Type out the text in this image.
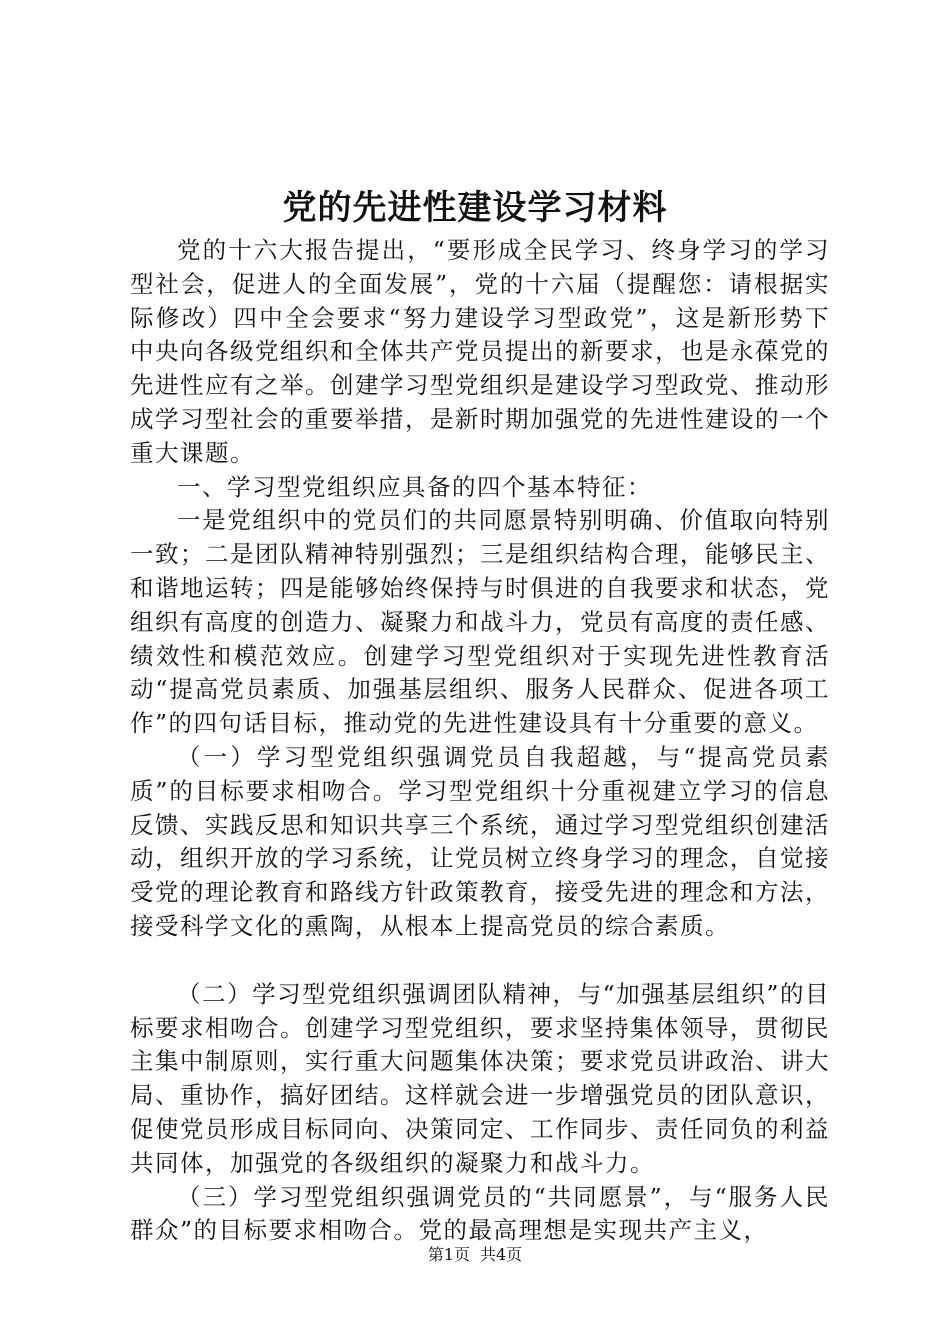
党的先进性建设学习材料

党的十六大报告提出，“要形成全民学习、终身学习的学习型社会，促进人的全面发展”，党的十六届（提醒您：请根据实际修改）四中全会要求“努力建设学习型政党”，这是新形势下中央向各级党组织和全体共产党员提出的新要求，也是永葆党的先进性应有之举。创建学习型党组织是建设学习型政党、推动形成学习型社会的重要举措，是新时期加强党的先进性建设的一个重大课题。

一、学习型党组织应具备的四个基本特征：

一是党组织中的党员们的共同愿景特别明确、价值取向特别一致；二是团队精神特别强烈；三是组织结构合理，能够民主、和谐地运转；四是能够始终保持与时俱进的自我要求和状态，党组织有高度的创造力、凝聚力和战斗力，党员有高度的责任感、绩效性和模范效应。创建学习型党组织对于实现先进性教育活动“提高党员素质、加强基层组织、服务人民群众、促进各项工作”的四句话目标，推动党的先进性建设具有十分重要的意义。

（一）学习型党组织强调党员自我超越，与“提高党员素质”的目标要求相吻合。学习型党组织十分重视建立学习的信息反馈、实践反思和知识共享三个系统，通过学习型党组织创建活动，组织开放的学习系统，让党员树立终身学习的理念，自觉接受党的理论教育和路线方针政策教育，接受先进的理念和方法，接受科学文化的熏陶，从根本上提高党员的综合素质。

（二）学习型党组织强调团队精神，与“加强基层组织”的目标要求相吻合。创建学习型党组织，要求坚持集体领导，贯彻民主集中制原则，实行重大问题集体决策；要求党员讲政治、讲大局、重协作，搞好团结。这样就会进一步增强党员的团队意识，促使党员形成目标同向、决策同定、工作同步、责任同负的利益共同体，加强党的各级组织的凝聚力和战斗力。

（三）学习型党组织强调党员的“共同愿景”，与“服务人民群众”的目标要求相吻合。党的最高理想是实现共产主义，

第1页 共4页
